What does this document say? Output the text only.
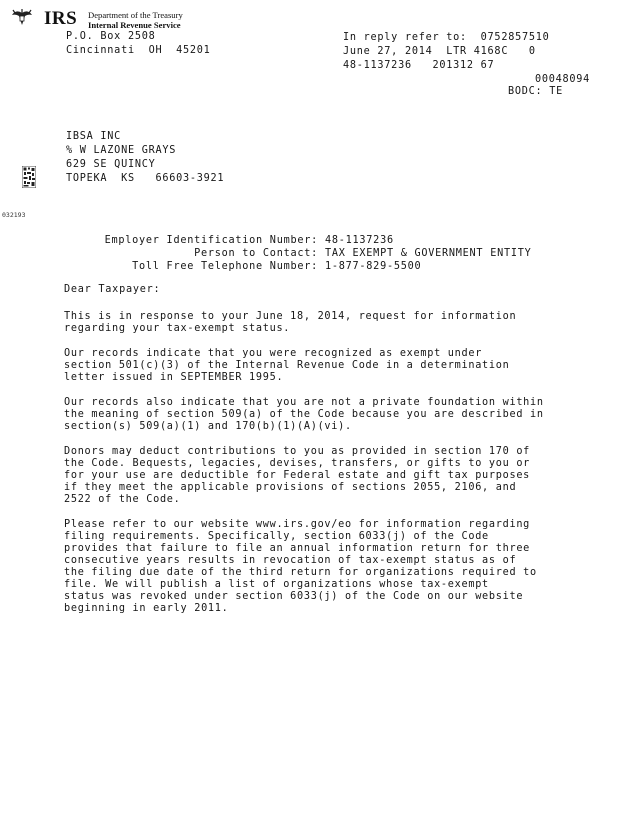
IRS Department of the Treasury
Internal Revenue Service
P.O. Box 2508
Cincinnati  OH  45201
In reply refer to:  0752857510
June 27, 2014  LTR 4168C   0
48-1137236   201312 67
00048094
BODC: TE
IBSA INC
% W LAZONE GRAYS
629 SE QUINCY
TOPEKA  KS   66603-3921
032193
Employer Identification Number: 48-1137236
Person to Contact: TAX EXEMPT & GOVERNMENT ENTITY
Toll Free Telephone Number: 1-877-829-5500
Dear Taxpayer:
This is in response to your June 18, 2014, request for information
regarding your tax-exempt status.
Our records indicate that you were recognized as exempt under
section 501(c)(3) of the Internal Revenue Code in a determination
letter issued in SEPTEMBER 1995.
Our records also indicate that you are not a private foundation within
the meaning of section 509(a) of the Code because you are described in
section(s) 509(a)(1) and 170(b)(1)(A)(vi).
Donors may deduct contributions to you as provided in section 170 of
the Code. Bequests, legacies, devises, transfers, or gifts to you or
for your use are deductible for Federal estate and gift tax purposes
if they meet the applicable provisions of sections 2055, 2106, and
2522 of the Code.
Please refer to our website www.irs.gov/eo for information regarding
filing requirements. Specifically, section 6033(j) of the Code
provides that failure to file an annual information return for three
consecutive years results in revocation of tax-exempt status as of
the filing due date of the third return for organizations required to
file. We will publish a list of organizations whose tax-exempt
status was revoked under section 6033(j) of the Code on our website
beginning in early 2011.
